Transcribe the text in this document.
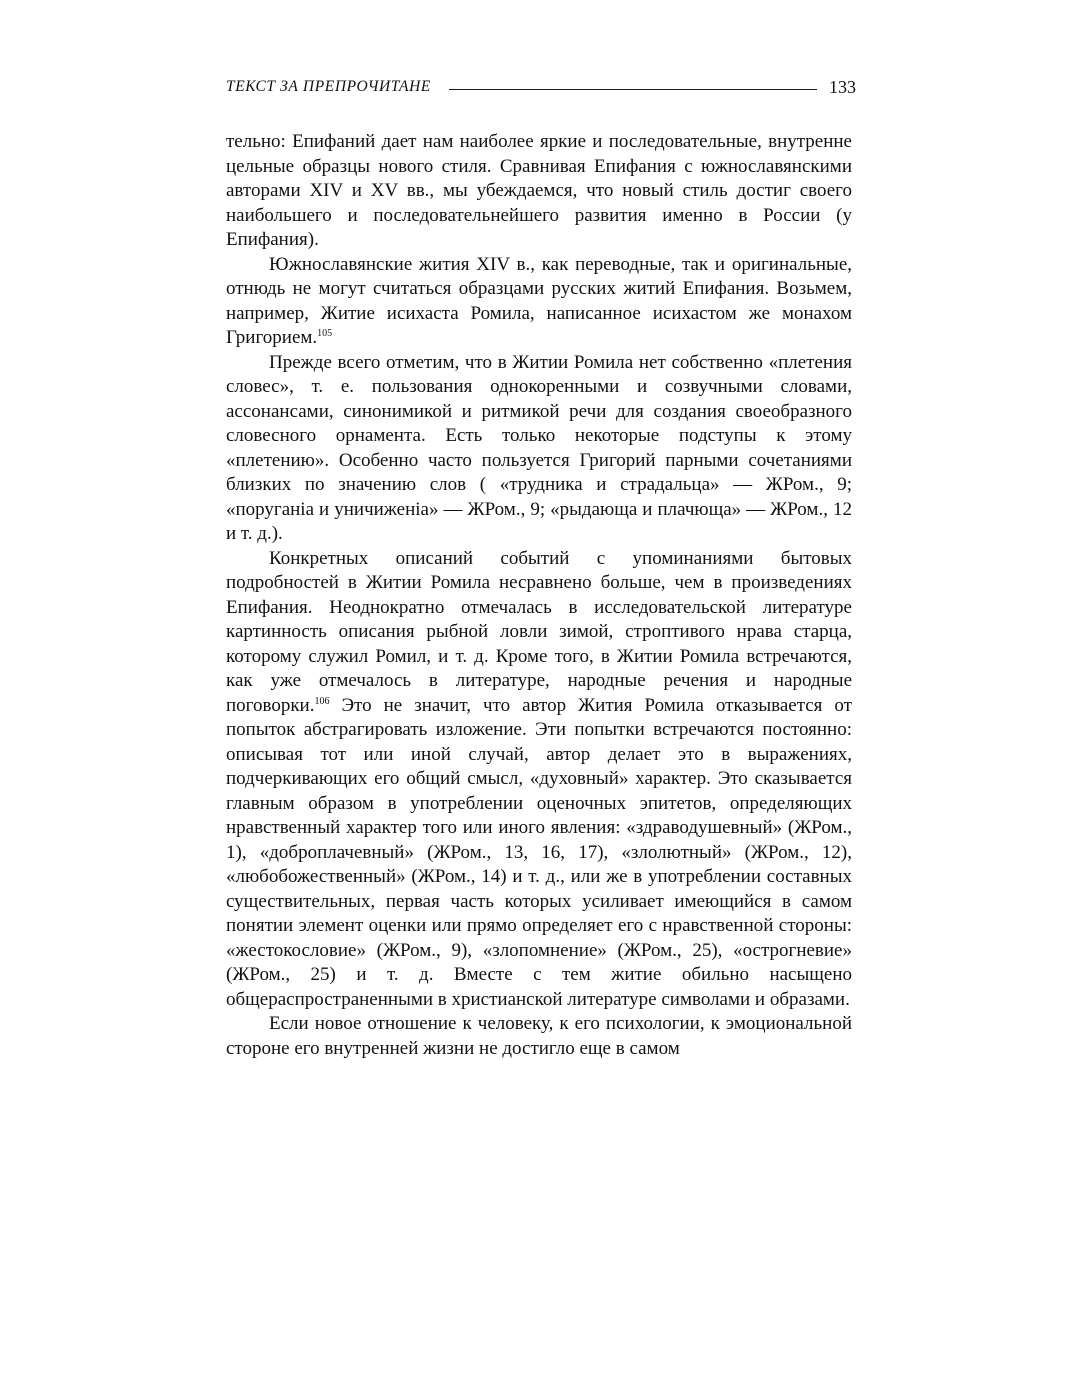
ТЕКСТ ЗА ПРЕПРОЧИТАНЕ	133

тельно: Епифаний дает нам наиболее яркие и последовательные, внутренне цельные образцы нового стиля. Сравнивая Епифания с южнославянскими авторами XIV и XV вв., мы убеждаемся, что новый стиль достиг своего наибольшего и последовательнейшего развития именно в России (у Епифания).

Южнославянские жития XIV в., как переводные, так и оригинальные, отнюдь не могут считаться образцами русских житий Епифания. Возьмем, например, Житие исихаста Ромила, написанное исихастом же монахом Григорием.$^{105}$

Прежде всего отметим, что в Житии Ромила нет собственно «плетения словес», т. е. пользования однокоренными и созвучными словами, ассонансами, синонимикой и ритмикой речи для создания своеобразного словесного орнамента. Есть только некоторые подступы к этому «плетению». Особенно часто пользуется Григорий парными сочетаниями близких по значению слов ( «трудника и страдальца» — ЖРом., 9; «поруганiа и уничиженiа» — ЖРом., 9; «рыдающа и плачюща» — ЖРом., 12 и т. д.).

Конкретных описаний событий с упоминаниями бытовых подробностей в Житии Ромила несравнено больше, чем в произведениях Епифания. Неоднократно отмечалась в исследовательской литературе картинность описания рыбной ловли зимой, строптивого нрава старца, которому служил Ромил, и т. д. Кроме того, в Житии Ромила встречаются, как уже отмечалось в литературе, народные речения и народные поговорки.$^{106}$ Это не значит, что автор Жития Ромила отказывается от попыток абстрагировать изложение. Эти попытки встречаются постоянно: описывая тот или иной случай, автор делает это в выражениях, подчеркивающих его общий смысл, «духовный» характер. Это сказывается главным образом в употреблении оценочных эпитетов, определяющих нравственный характер того или иного явления: «здраводушевный» (ЖРом., 1), «доброплачевный» (ЖРом., 13, 16, 17), «злолютный» (ЖРом., 12), «любобожественный» (ЖРом., 14) и т. д., или же в употреблении составных существительных, первая часть которых усиливает имеющийся в самом понятии элемент оценки или прямо определяет его с нравственной стороны: «жестокословие» (ЖРом., 9), «злопомнение» (ЖРом., 25), «острогневие» (ЖРом., 25) и т. д. Вместе с тем житие обильно насыщено общераспространенными в христианской литературе символами и образами.

Если новое отношение к человеку, к его психологии, к эмоциональной стороне его внутренней жизни не достигло еще в самом
